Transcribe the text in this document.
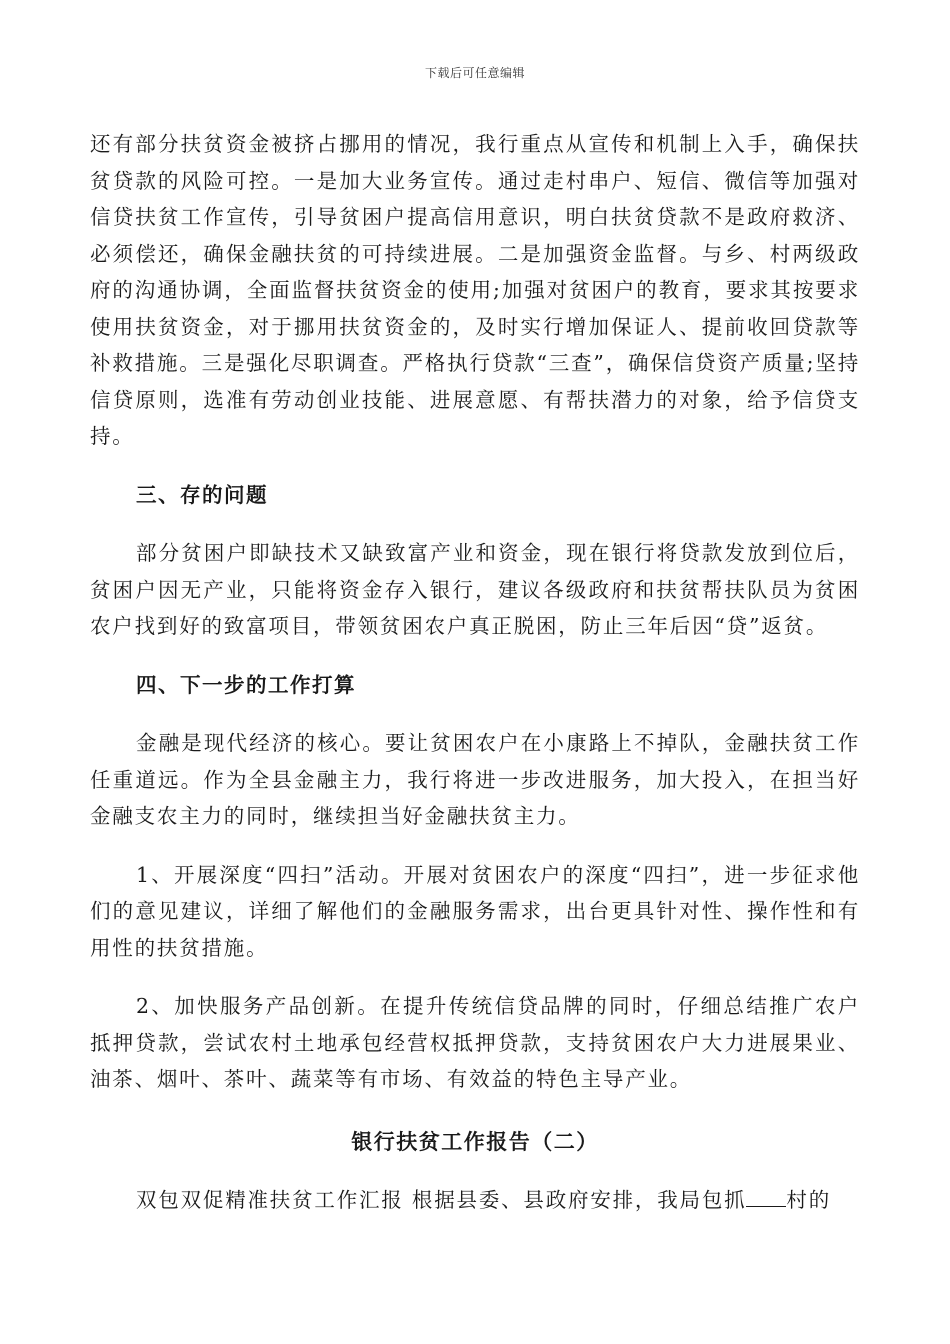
下载后可任意编辑

还有部分扶贫资金被挤占挪用的情况，我行重点从宣传和机制上入手，确保扶贫贷款的风险可控。一是加大业务宣传。通过走村串户、短信、微信等加强对信贷扶贫工作宣传，引导贫困户提高信用意识，明白扶贫贷款不是政府救济、必须偿还，确保金融扶贫的可持续进展。二是加强资金监督。与乡、村两级政府的沟通协调，全面监督扶贫资金的使用;加强对贫困户的教育，要求其按要求使用扶贫资金，对于挪用扶贫资金的，及时实行增加保证人、提前收回贷款等补救措施。三是强化尽职调查。严格执行贷款“三查”，确保信贷资产质量;坚持信贷原则，选准有劳动创业技能、进展意愿、有帮扶潜力的对象，给予信贷支持。

三、存的问题

部分贫困户即缺技术又缺致富产业和资金，现在银行将贷款发放到位后，贫困户因无产业，只能将资金存入银行，建议各级政府和扶贫帮扶队员为贫困农户找到好的致富项目，带领贫困农户真正脱困，防止三年后因“贷”返贫。

四、下一步的工作打算

金融是现代经济的核心。要让贫困农户在小康路上不掉队，金融扶贫工作任重道远。作为全县金融主力，我行将进一步改进服务，加大投入，在担当好金融支农主力的同时，继续担当好金融扶贫主力。

1、开展深度“四扫”活动。开展对贫困农户的深度“四扫”，进一步征求他们的意见建议，详细了解他们的金融服务需求，出台更具针对性、操作性和有用性的扶贫措施。

2、加快服务产品创新。在提升传统信贷品牌的同时，仔细总结推广农户抵押贷款，尝试农村土地承包经营权抵押贷款，支持贫困农户大力进展果业、油茶、烟叶、茶叶、蔬菜等有市场、有效益的特色主导产业。

银行扶贫工作报告（二）

双包双促精准扶贫工作汇报 根据县委、县政府安排，我局包抓 村的
